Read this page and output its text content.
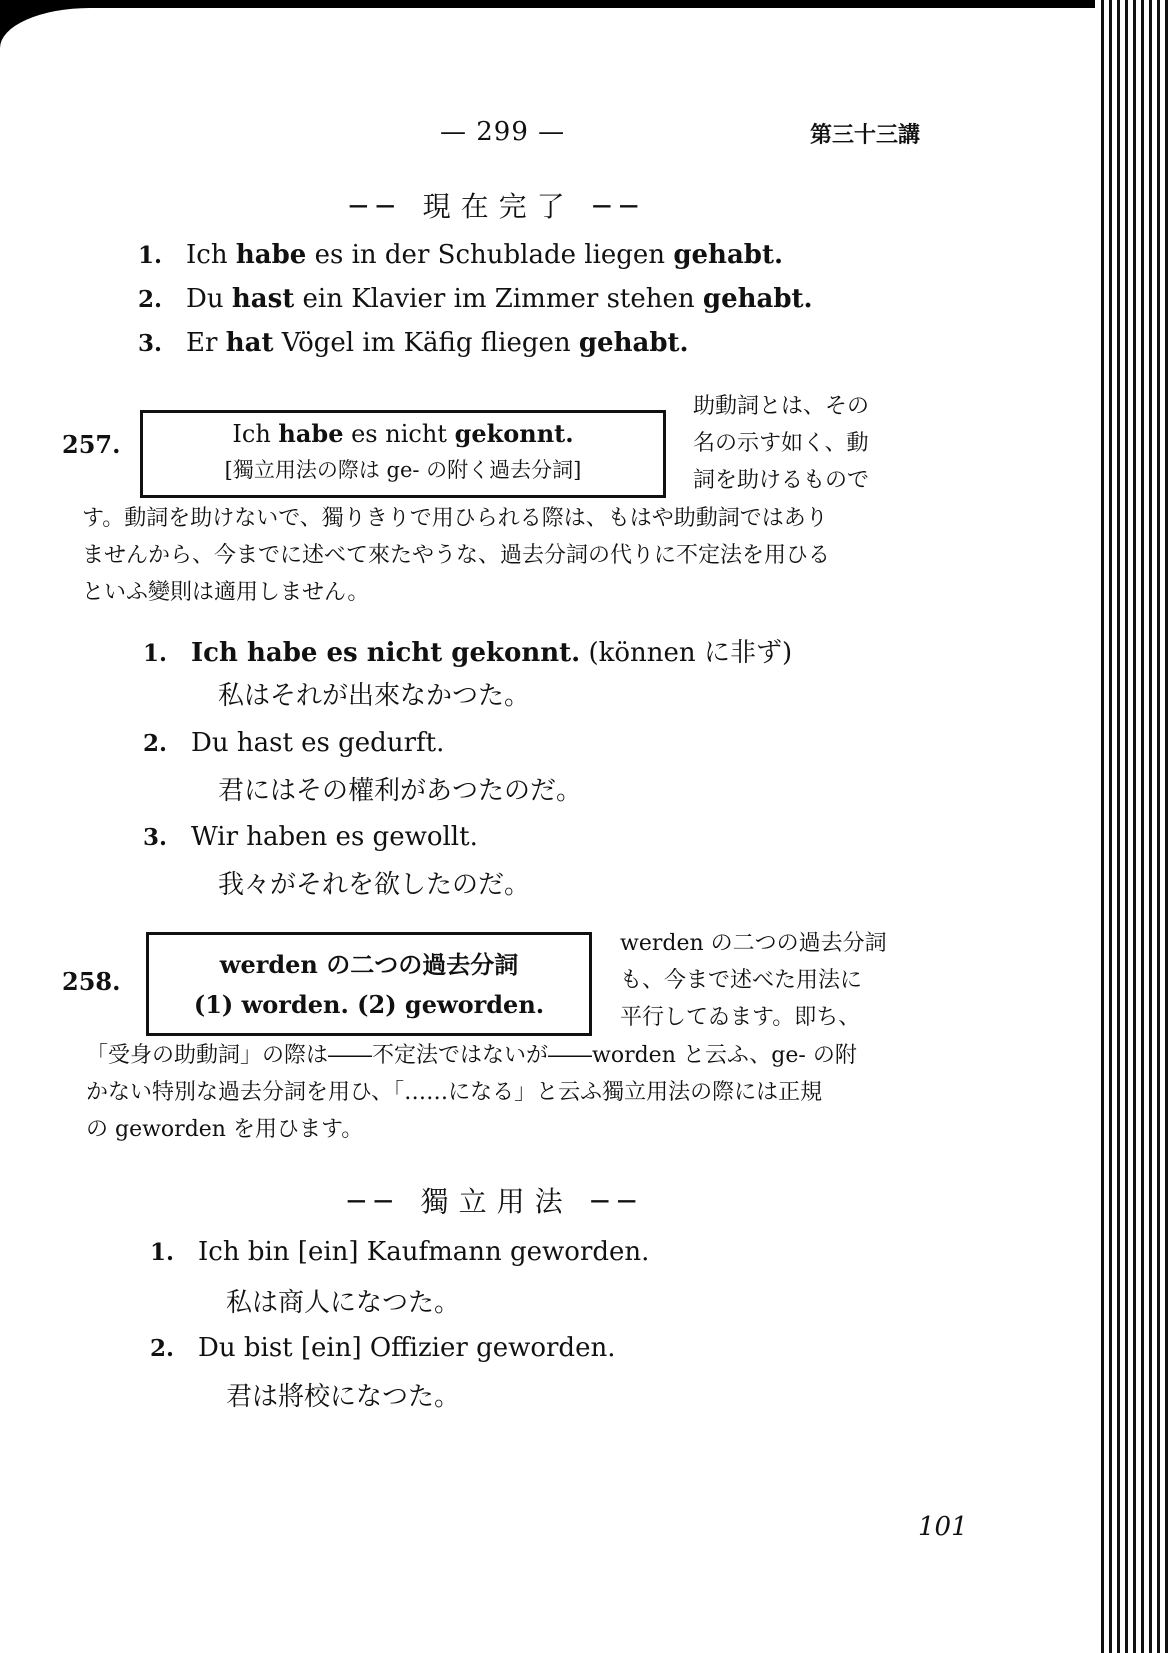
— 299 —	第三十三講
── 現在完了 ──
1. Ich habe es in der Schublade liegen gehabt.
2. Du hast ein Klavier im Zimmer stehen gehabt.
3. Er hat Vögel im Käfig fliegen gehabt.
257.	Ich habe es nicht gekonnt.
[獨立用法の際は ge- の附く過去分詞]
助動詞とは、その
名の示す如く、動
詞を助けるもので
す。動詞を助けないで、獨りきりで用ひられる際は、もはや助動詞ではあり
ませんから、今までに述べて來たやうな、過去分詞の代りに不定法を用ひる
といふ變則は適用しません。
1. Ich habe es nicht gekonnt. (können に非ず)
私はそれが出來なかつた。
2. Du hast es gedurft.
君にはその權利があつたのだ。
3. Wir haben es gewollt.
我々がそれを欲したのだ。
258.
werden の二つの過去分詞
(1) worden. (2) geworden.
werden の二つの過去分詞
も、今まで述べた用法に
平行してゐます。即ち、
「受身の助動詞」の際は――不定法ではないが――worden と云ふ、ge- の附
かない特別な過去分詞を用ひ、「……になる」と云ふ獨立用法の際には正規
の geworden を用ひます。
── 獨立用法 ──
1. Ich bin [ein] Kaufmann geworden.
私は商人になつた。
2. Du bist [ein] Offizier geworden.
君は將校になつた。
101
